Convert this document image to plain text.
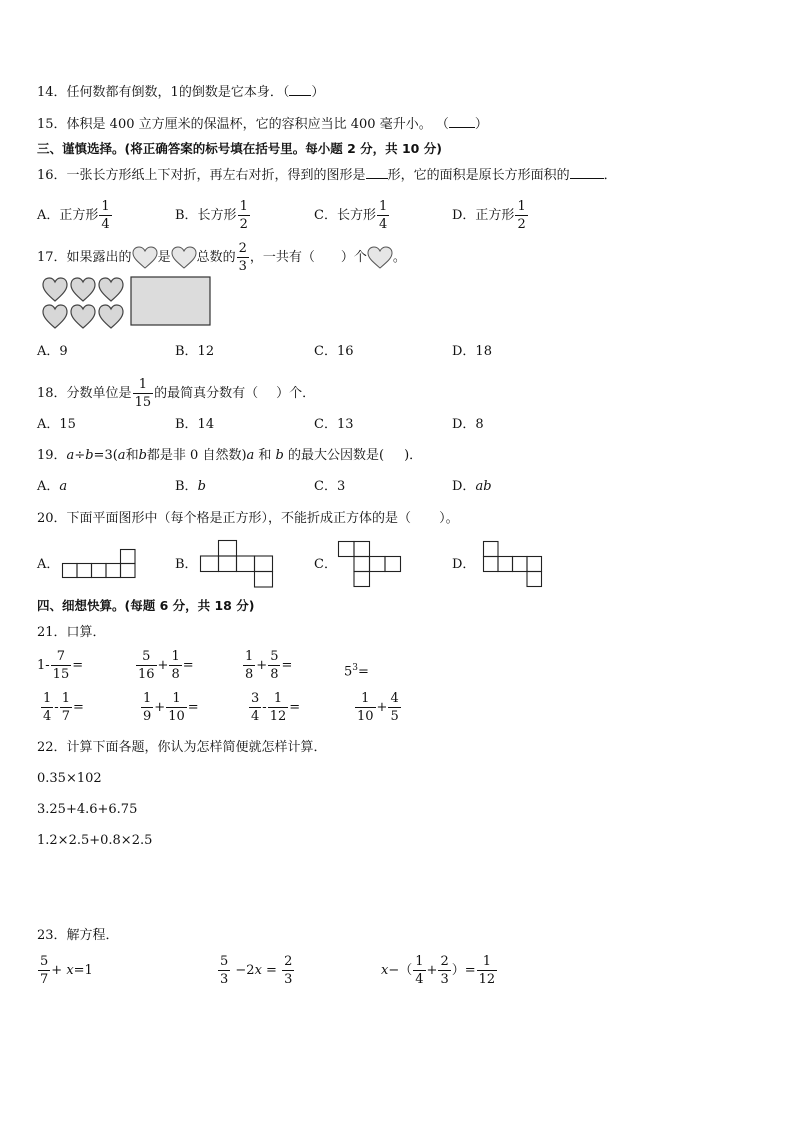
14．任何数都有倒数，1的倒数是它本身．（ ）
15．体积是 400 立方厘米的保温杯，它的容积应当比 400 毫升小。 （ ）
三、谨慎选择。(将正确答案的标号填在括号里。每小题 2 分，共 10 分)
16．一张长方形纸上下对折，再左右对折，得到的图形是 形，它的面积是原长方形面积的	．
A．正方形 $\frac{1}{4}$	B．长方形 $\frac{1}{2}$	C．长方形 $\frac{1}{4}$	D．正方形 $\frac{1}{2}$
17．如果露出的 是 总数的 $\frac{2}{3}$ ，一共有（ ）个 。
A．9	B．12	C．16	D．18
18．分数单位是 $\frac{1}{15}$ 的最简真分数有（ ）个．
A．15	B．14	C．13	D．8
19．a÷b=3(a和b都是非 0 自然数)a 和 b 的最大公因数是( )．
A．a	B．b	C．3	D．ab
20．下面平面图形中（每个格是正方形），不能折成正方体的是（ ）。
A．	B．	C．	D．
四、细想快算。(每题 6 分，共 18 分)
21．口算．
$1- \frac{7}{15}$ =	$\frac{5}{16} + \frac{1}{8}$ =	$\frac{1}{8} + \frac{5}{8}$ =	$5^3=$
$\frac{1}{4} - \frac{1}{7}$ =	$\frac{1}{9} + \frac{1}{10}$ =	$\frac{3}{4} - \frac{1}{12}$ =	$\frac{1}{10} + \frac{4}{5}$
22．计算下面各题，你认为怎样简便就怎样计算．
0.35×102
3.25+4.6+6.75
1.2×2.5+0.8×2.5
23．解方程．
$\frac{5}{7} + x=1$	$\frac{5}{3} -2x = \frac{2}{3}$	$x-( \frac{1}{4} + \frac{2}{3}$ ）= $\frac{1}{12}$
